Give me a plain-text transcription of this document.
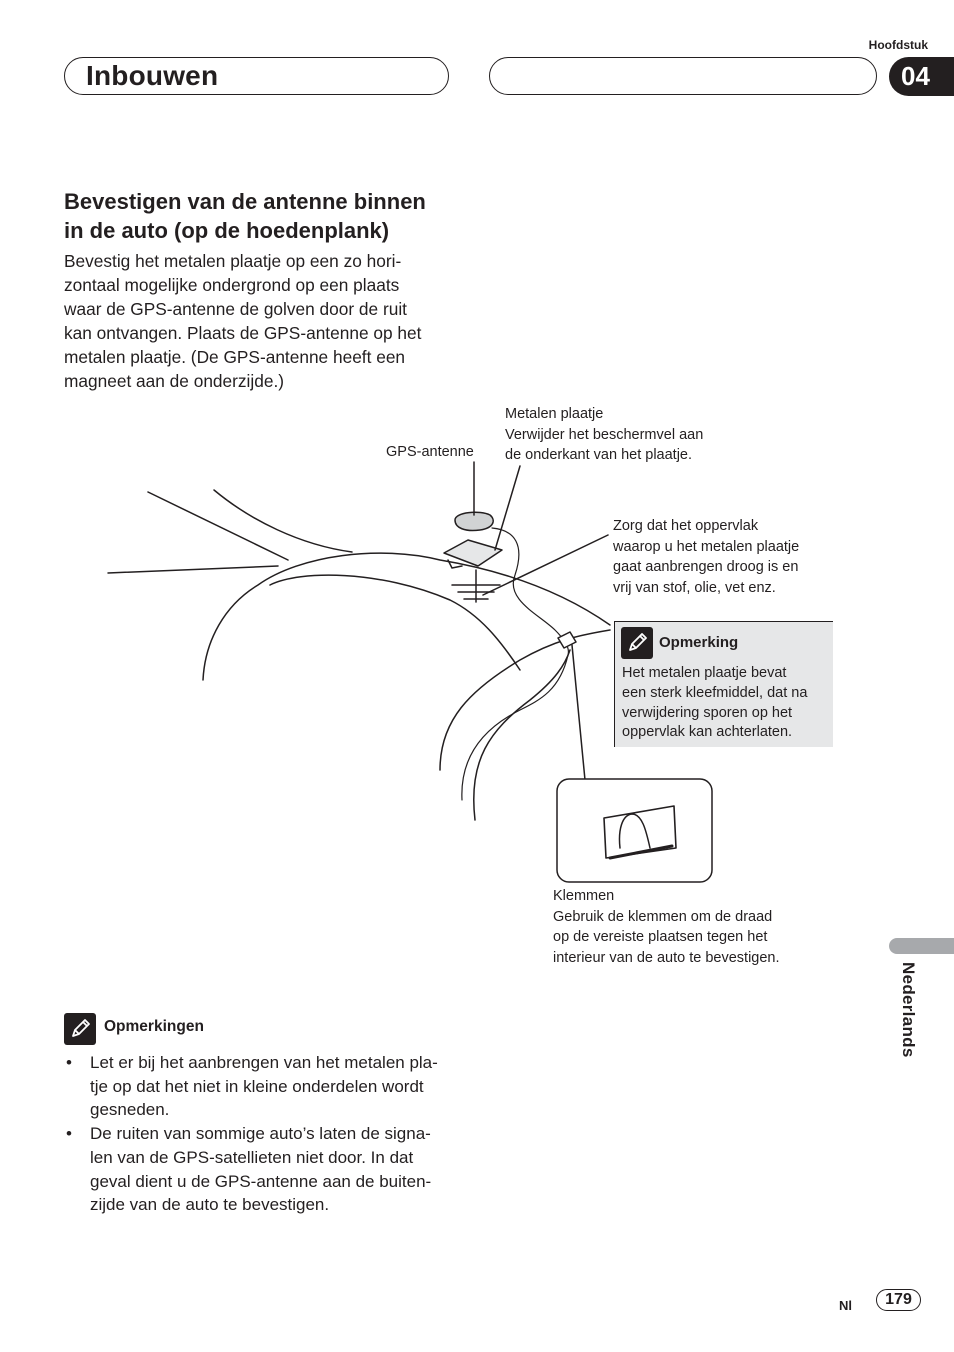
Hoofdstuk
Inbouwen	04
Bevestigen van de antenne binnen
in de auto (op de hoedenplank)
Bevestig het metalen plaatje op een zo hori-
zontaal mogelijke ondergrond op een plaats
waar de GPS-antenne de golven door de ruit
kan ontvangen. Plaats de GPS-antenne op het
metalen plaatje. (De GPS-antenne heeft een
magneet aan de onderzijde.)
GPS-antenne
Metalen plaatje
Verwijder het beschermvel aan
de onderkant van het plaatje.
Zorg dat het oppervlak
waarop u het metalen plaatje
gaat aanbrengen droog is en
vrij van stof, olie, vet enz.
Klemmen
Gebruik de klemmen om de draad
op de vereiste plaatsen tegen het
interieur van de auto te bevestigen.
Opmerking
Het metalen plaatje bevat
een sterk kleefmiddel, dat na
verwijdering sporen op het
oppervlak kan achterlaten.
Opmerkingen
• Let er bij het aanbrengen van het metalen pla-
tje op dat het niet in kleine onderdelen wordt
gesneden.
• De ruiten van sommige auto’s laten de signa-
len van de GPS-satellieten niet door. In dat
geval dient u de GPS-antenne aan de buiten-
zijde van de auto te bevestigen.
Nederlands
Nl	179
